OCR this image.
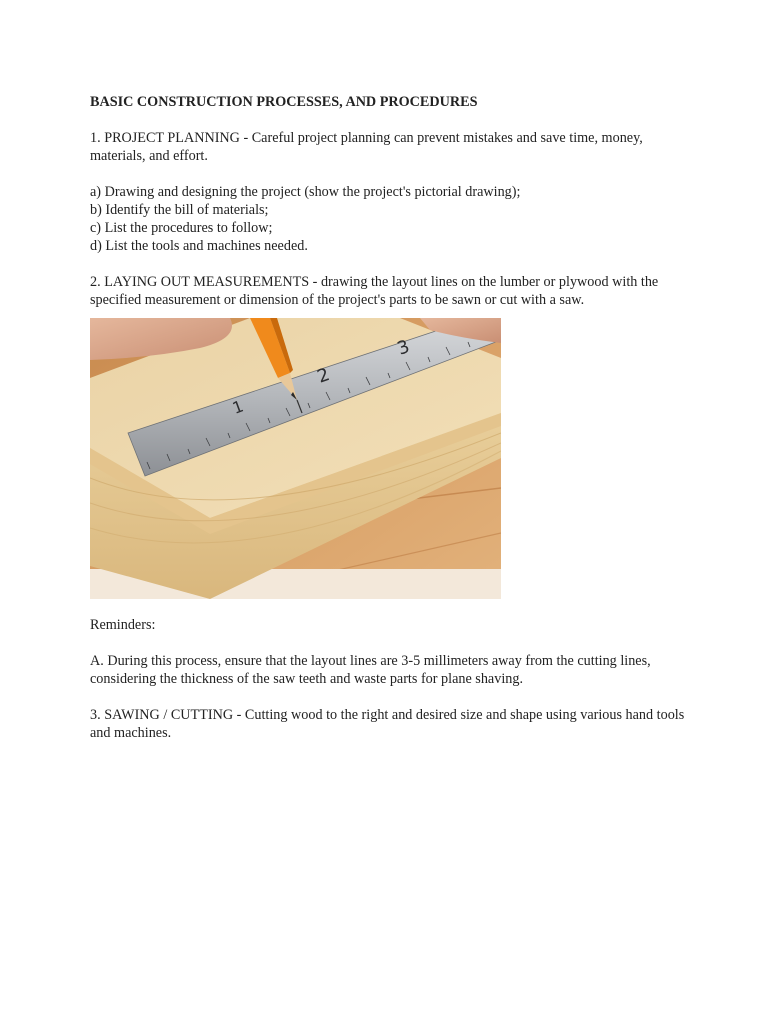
BASIC CONSTRUCTION PROCESSES, AND PROCEDURES

1. PROJECT PLANNING - Careful project planning can prevent mistakes and save time, money, materials, and effort.

a) Drawing and designing the project (show the project's pictorial drawing);
b) Identify the bill of materials;
c) List the procedures to follow;
d) List the tools and machines needed.

2. LAYING OUT MEASUREMENTS - drawing the layout lines on the lumber or plywood with the specified measurement or dimension of the project's parts to be sawn or cut with a saw.

1
2
3

Reminders:

A. During this process, ensure that the layout lines are 3-5 millimeters away from the cutting lines, considering the thickness of the saw teeth and waste parts for plane shaving.

3. SAWING / CUTTING - Cutting wood to the right and desired size and shape using various hand tools and machines.
